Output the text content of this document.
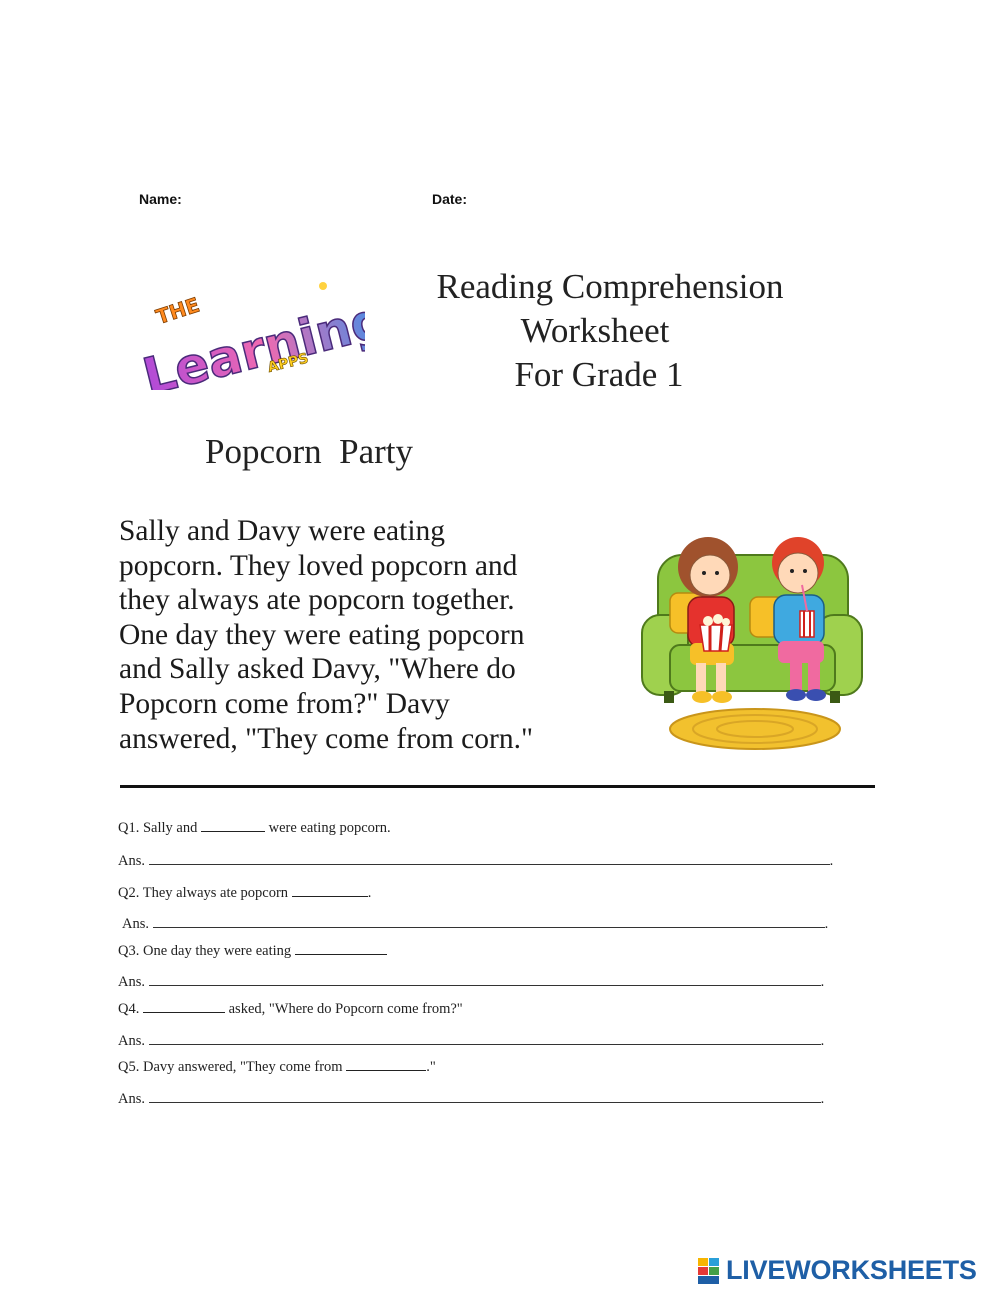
Name:	Date:
THE
Learning
APPS
Reading Comprehension
Worksheet
For Grade 1
Popcorn  Party

Sally and Davy were eating

popcorn. They loved popcorn and

they always ate popcorn together.

One day they were eating popcorn

and Sally asked Davy, "Where do

Popcorn come from?" Davy

answered, "They come from corn."

Q1. Sally and	were eating popcorn.
Ans.	.
Q2. They always ate popcorn	.
Ans.	.
Q3. One day they were eating
Ans.	.
Q4.	asked, "Where do Popcorn come from?"
Ans.	.
Q5. Davy answered, "They come from	."
Ans.	.
LIVEWORKSHEETS
